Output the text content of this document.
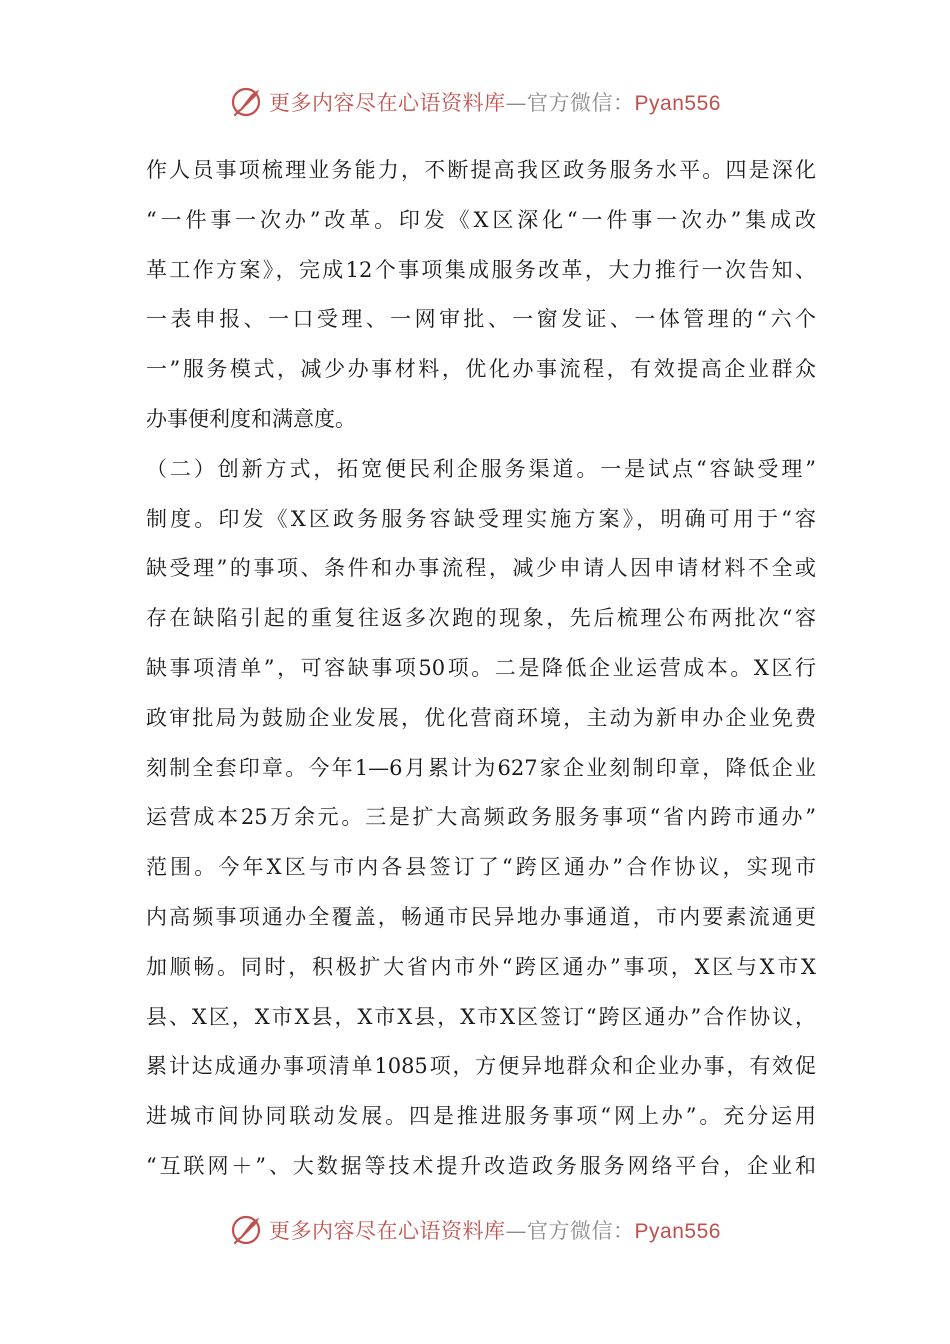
更多内容尽在心语资料库—官方微信：Pyan556
作人员事项梳理业务能力，不断提高我区政务服务水平。四是深化
“一件事一次办”改革。印发《X区深化“一件事一次办”集成改
革工作方案》，完成12个事项集成服务改革，大力推行一次告知、
一表申报、一口受理、一网审批、一窗发证、一体管理的“六个
一”服务模式，减少办事材料，优化办事流程，有效提高企业群众
办事便利度和满意度。
（二）创新方式，拓宽便民利企服务渠道。一是试点“容缺受理”
制度。印发《X区政务服务容缺受理实施方案》，明确可用于“容
缺受理”的事项、条件和办事流程，减少申请人因申请材料不全或
存在缺陷引起的重复往返多次跑的现象，先后梳理公布两批次“容
缺事项清单”，可容缺事项50项。二是降低企业运营成本。X区行
政审批局为鼓励企业发展，优化营商环境，主动为新申办企业免费
刻制全套印章。今年1—6月累计为627家企业刻制印章，降低企业
运营成本25万余元。三是扩大高频政务服务事项“省内跨市通办”
范围。今年X区与市内各县签订了“跨区通办”合作协议，实现市
内高频事项通办全覆盖，畅通市民异地办事通道，市内要素流通更
加顺畅。同时，积极扩大省内市外“跨区通办”事项，X区与X市X
县、X区，X市X县，X市X县，X市X区签订“跨区通办”合作协议，
累计达成通办事项清单1085项，方便异地群众和企业办事，有效促
进城市间协同联动发展。四是推进服务事项“网上办”。充分运用
“互联网＋”、大数据等技术提升改造政务服务网络平台，企业和
更多内容尽在心语资料库—官方微信：Pyan556
